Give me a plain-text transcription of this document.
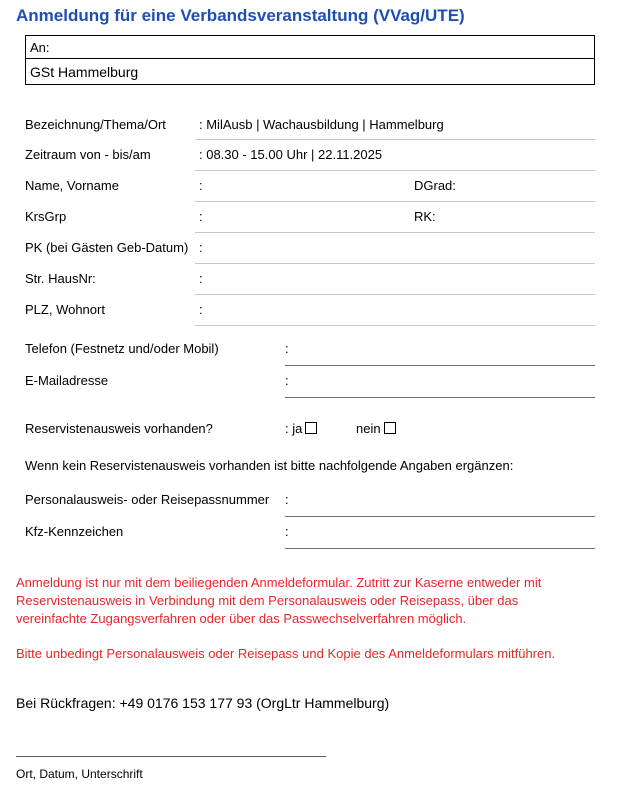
Anmeldung für eine Verbandsveranstaltung (VVag/UTE)
An:
GSt Hammelburg
Bezeichnung/Thema/Ort	: MilAusb | Wachausbildung | Hammelburg
Zeitraum von - bis/am	: 08.30 - 15.00 Uhr | 22.11.2025
Name, Vorname	:	DGrad:
KrsGrp	:	RK:
PK (bei Gästen Geb-Datum) :
Str. HausNr:	:
PLZ, Wohnort	:
Telefon (Festnetz und/oder Mobil)	:
E-Mailadresse	:
Reservistenausweis vorhanden?	: ja	nein
Wenn kein Reservistenausweis vorhanden ist bitte nachfolgende Angaben ergänzen:
Personalausweis- oder Reisepassnummer :
Kfz-Kennzeichen	:
Anmeldung ist nur mit dem beiliegenden Anmeldeformular. Zutritt zur Kaserne entweder mit Reservistenausweis in Verbindung mit dem Personalausweis oder Reisepass, über das vereinfachte Zugangsverfahren oder über das Passwechselverfahren möglich.
Bitte unbedingt Personalausweis oder Reisepass und Kopie des Anmeldeformulars mitführen.
Bei Rückfragen: +49 0176 153 177 93 (OrgLtr Hammelburg)
Ort, Datum, Unterschrift
